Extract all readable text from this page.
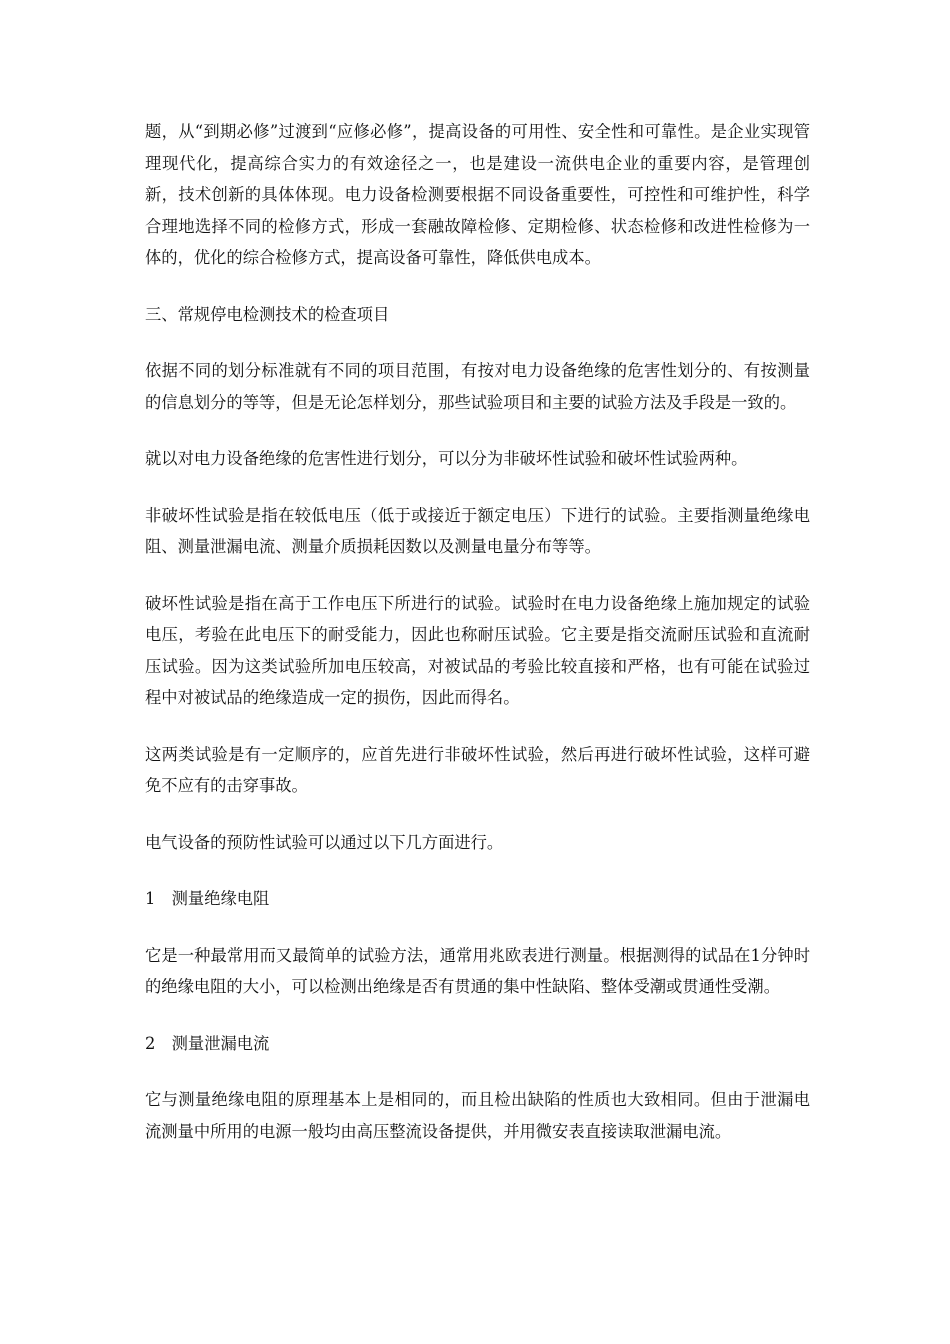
题，从“到期必修”过渡到“应修必修”，提高设备的可用性、安全性和可靠性。是企业实现管理现代化，提高综合实力的有效途径之一，也是建设一流供电企业的重要内容，是管理创新，技术创新的具体体现。电力设备检测要根据不同设备重要性，可控性和可维护性，科学合理地选择不同的检修方式，形成一套融故障检修、定期检修、状态检修和改进性检修为一体的，优化的综合检修方式，提高设备可靠性，降低供电成本。

三、常规停电检测技术的检查项目

依据不同的划分标准就有不同的项目范围，有按对电力设备绝缘的危害性划分的、有按测量的信息划分的等等，但是无论怎样划分，那些试验项目和主要的试验方法及手段是一致的。

就以对电力设备绝缘的危害性进行划分，可以分为非破坏性试验和破坏性试验两种。

非破坏性试验是指在较低电压（低于或接近于额定电压）下进行的试验。主要指测量绝缘电阻、测量泄漏电流、测量介质损耗因数以及测量电量分布等等。

破坏性试验是指在高于工作电压下所进行的试验。试验时在电力设备绝缘上施加规定的试验电压，考验在此电压下的耐受能力，因此也称耐压试验。它主要是指交流耐压试验和直流耐压试验。因为这类试验所加电压较高，对被试品的考验比较直接和严格，也有可能在试验过程中对被试品的绝缘造成一定的损伤，因此而得名。

这两类试验是有一定顺序的，应首先进行非破坏性试验，然后再进行破坏性试验，这样可避免不应有的击穿事故。

电气设备的预防性试验可以通过以下几方面进行。

1　测量绝缘电阻

它是一种最常用而又最简单的试验方法，通常用兆欧表进行测量。根据测得的试品在1分钟时的绝缘电阻的大小，可以检测出绝缘是否有贯通的集中性缺陷、整体受潮或贯通性受潮。

2　测量泄漏电流

它与测量绝缘电阻的原理基本上是相同的，而且检出缺陷的性质也大致相同。但由于泄漏电流测量中所用的电源一般均由高压整流设备提供，并用微安表直接读取泄漏电流。
